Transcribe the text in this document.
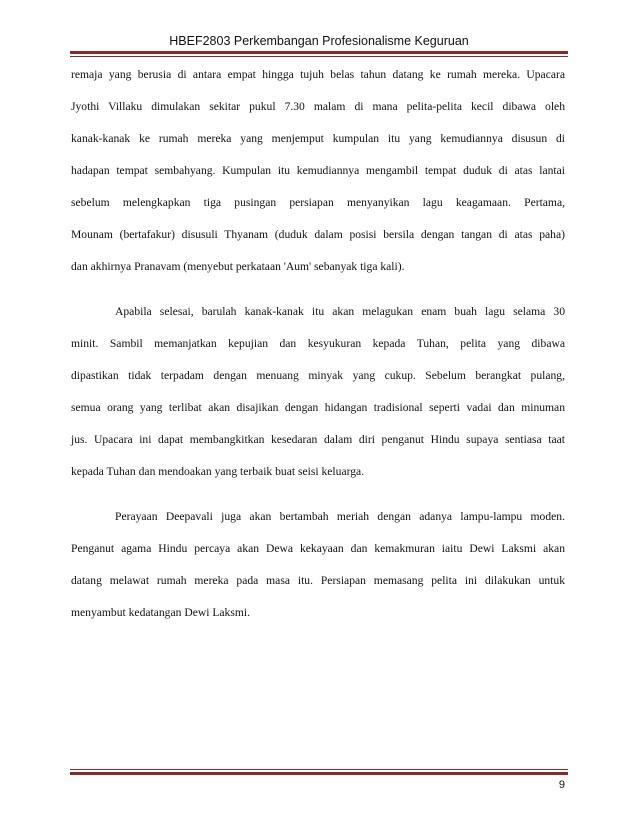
HBEF2803 Perkembangan Profesionalisme Keguruan
remaja yang berusia di antara empat hingga tujuh belas tahun datang ke rumah mereka. Upacara
Jyothi Villaku dimulakan sekitar pukul 7.30 malam di mana pelita-pelita kecil dibawa oleh
kanak-kanak ke rumah mereka yang menjemput kumpulan itu yang kemudiannya disusun di
hadapan tempat sembahyang. Kumpulan itu kemudiannya mengambil tempat duduk di atas lantai
sebelum melengkapkan tiga pusingan persiapan menyanyikan lagu keagamaan. Pertama,
Mounam (bertafakur) disusuli Thyanam (duduk dalam posisi bersila dengan tangan di atas paha)
dan akhirnya Pranavam (menyebut perkataan 'Aum' sebanyak tiga kali).
Apabila selesai, barulah kanak-kanak itu akan melagukan enam buah lagu selama 30
minit. Sambil memanjatkan kepujian dan kesyukuran kepada Tuhan, pelita yang dibawa
dipastikan tidak terpadam dengan menuang minyak yang cukup. Sebelum berangkat pulang,
semua orang yang terlibat akan disajikan dengan hidangan tradisional seperti vadai dan minuman
jus. Upacara ini dapat membangkitkan kesedaran dalam diri penganut Hindu supaya sentiasa taat
kepada Tuhan dan mendoakan yang terbaik buat seisi keluarga.
Perayaan Deepavali juga akan bertambah meriah dengan adanya lampu-lampu moden.
Penganut agama Hindu percaya akan Dewa kekayaan dan kemakmuran iaitu Dewi Laksmi akan
datang melawat rumah mereka pada masa itu. Persiapan memasang pelita ini dilakukan untuk
menyambut kedatangan Dewi Laksmi.
9
